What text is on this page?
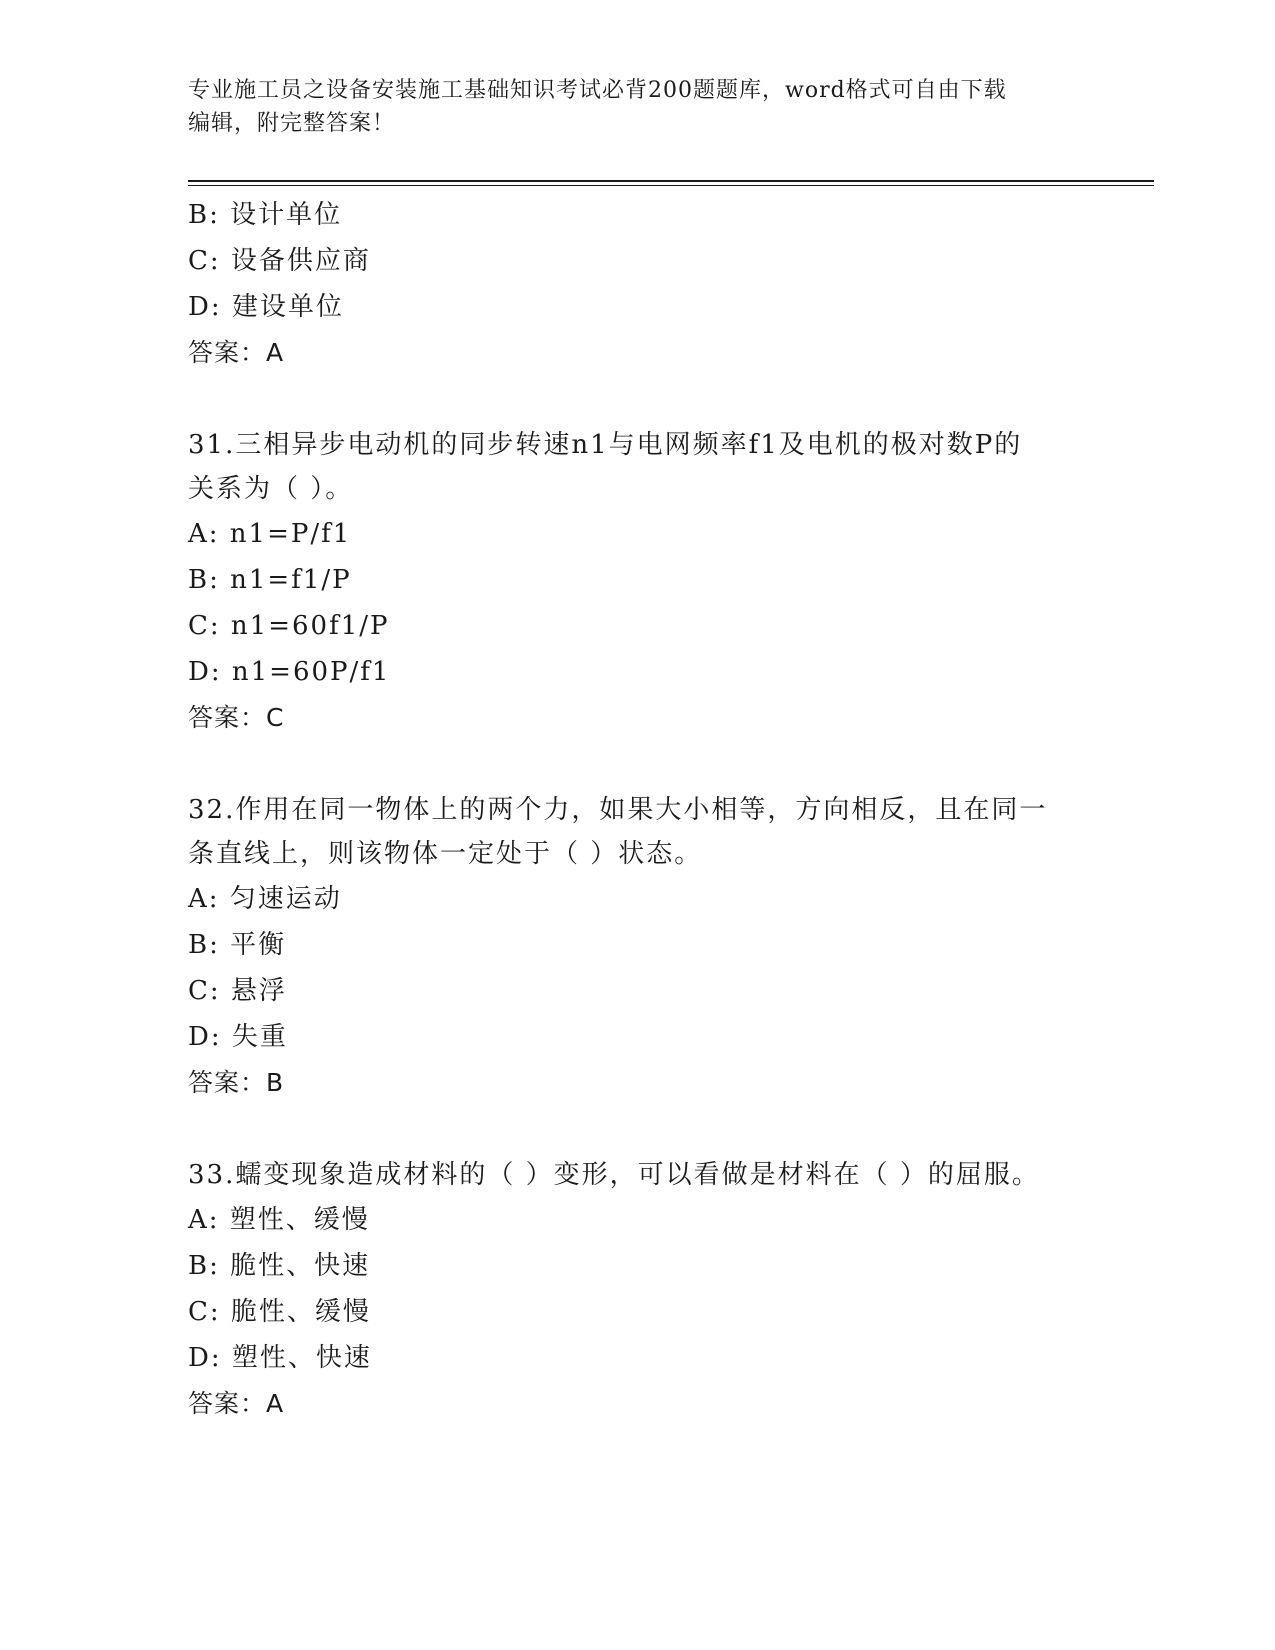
专业施工员之设备安装施工基础知识考试必背200题题库，word格式可自由下载
编辑，附完整答案！
B: 设计单位
C: 设备供应商
D: 建设单位
答案：A
31.三相异步电动机的同步转速n1与电网频率f1及电机的极对数P的
关系为（ ）。
A: n1=P/f1
B: n1=f1/P
C: n1=60f1/P
D: n1=60P/f1
答案：C
32.作用在同一物体上的两个力，如果大小相等，方向相反，且在同一
条直线上，则该物体一定处于（ ）状态。
A: 匀速运动
B: 平衡
C: 悬浮
D: 失重
答案：B
33.蠕变现象造成材料的（ ）变形，可以看做是材料在（ ）的屈服。
A: 塑性、缓慢
B: 脆性、快速
C: 脆性、缓慢
D: 塑性、快速
答案：A
